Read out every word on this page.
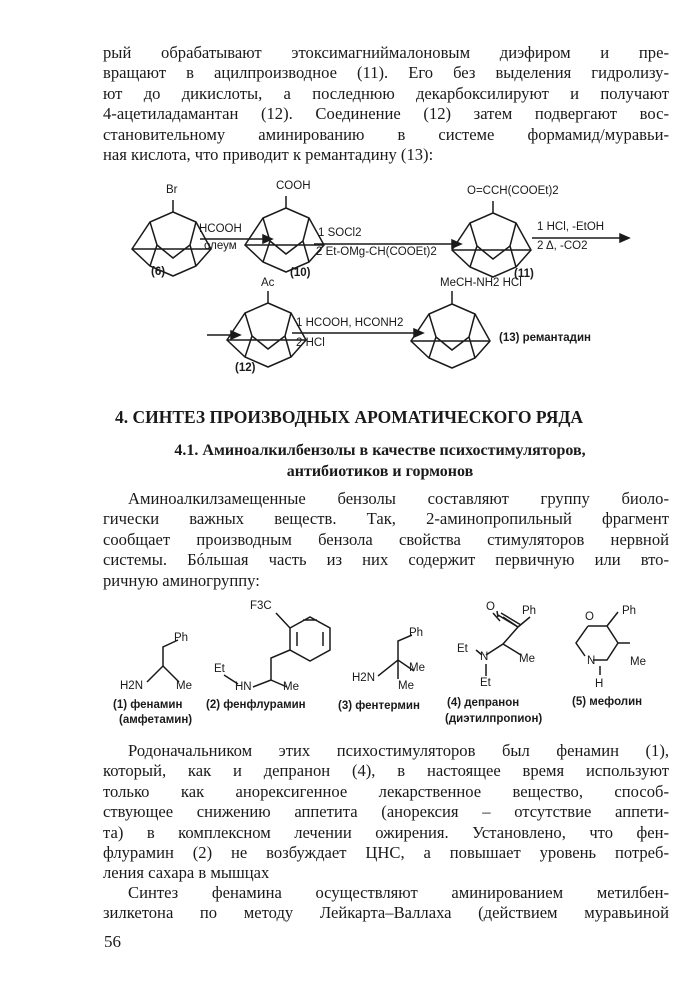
рый обрабатывают этоксимагниймалоновым диэфиром и пре-
вращают в ацилпроизводное (11). Его без выделения гидролизу-
ют до дикислоты, а последнюю декарбоксилируют и получают
4-ацетиладамантан (12). Соединение (12) затем подвергают вос-
становительному аминированию в системе формамид/муравьи-
ная кислота, что приводит к ремантадину (13):
Br
(6)
HCOOH
олеум
COOH
(10)
1 SOCl2
2 Et-OMg-CH(COOEt)2
O=CCH(COOEt)2
(11)
1 HCl, -EtOH
2 Δ, -CO2
Ac
(12)
1 HCOOH, HCONH2
2 HCl
MeCH-NH2 HCl
(13) ремантадин
4. СИНТЕЗ ПРОИЗВОДНЫХ АРОМАТИЧЕСКОГО РЯДА
4.1. Аминоалкилбензолы в качестве психостимуляторов,
антибиотиков и гормонов
Аминоалкилзамещенные бензолы составляют группу биоло-
гически важных веществ. Так, 2-аминопропильный фрагмент
сообщает производным бензола свойства стимуляторов нервной
системы. Бóльшая часть из них содержит первичную или вто-
ричную аминогруппу:
Ph
H2N	Me
(1) фенамин
(амфетамин)
F3C
Et
HN	Me
(2) фенфлурамин
Ph
Me
H2N
Me
(3) фентермин
O Ph
Et
N	Me
Et
(4) депранон
(диэтилпропион)
O Ph
N	Me
H
(5) мефолин
Родоначальником этих психостимуляторов был фенамин (1),
который, как и депранон (4), в настоящее время используют
только как анорексигенное лекарственное вещество, способ-
ствующее снижению аппетита (анорексия – отсутствие аппети-
та) в комплексном лечении ожирения. Установлено, что фен-
флурамин (2) не возбуждает ЦНС, а повышает уровень потреб-
ления сахара в мышцах
Синтез фенамина осуществляют аминированием метилбен-
зилкетона по методу Лейкарта–Валлаха (действием муравьиной
56
